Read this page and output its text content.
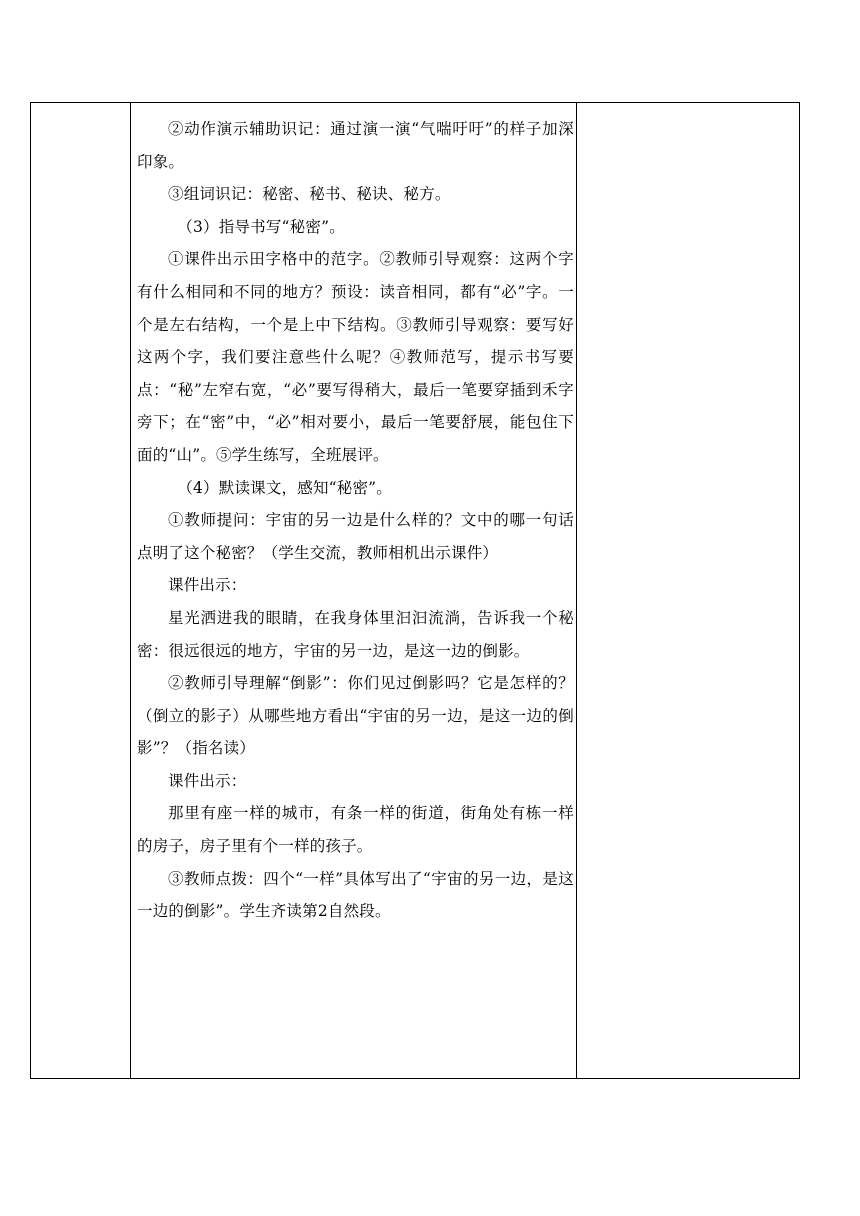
②动作演示辅助识记：通过演一演“气喘吁吁”的样子加深印象。

③组词识记：秘密、秘书、秘诀、秘方。

（3）指导书写“秘密”。

①课件出示田字格中的范字。②教师引导观察：这两个字有什么相同和不同的地方？预设：读音相同，都有“必”字。一个是左右结构，一个是上中下结构。③教师引导观察：要写好这两个字，我们要注意些什么呢？④教师范写，提示书写要点：“秘”左窄右宽，“必”要写得稍大，最后一笔要穿插到禾字旁下；在“密”中，“必”相对要小，最后一笔要舒展，能包住下面的“山”。⑤学生练写，全班展评。

（4）默读课文，感知“秘密”。

①教师提问：宇宙的另一边是什么样的？文中的哪一句话点明了这个秘密？（学生交流，教师相机出示课件）

课件出示：

星光洒进我的眼睛，在我身体里汩汩流淌，告诉我一个秘密：很远很远的地方，宇宙的另一边，是这一边的倒影。

②教师引导理解“倒影”：你们见过倒影吗？它是怎样的？（倒立的影子）从哪些地方看出“宇宙的另一边，是这一边的倒影”？（指名读）

课件出示：

那里有座一样的城市，有条一样的街道，街角处有栋一样的房子，房子里有个一样的孩子。

③教师点拨：四个“一样”具体写出了“宇宙的另一边，是这一边的倒影”。学生齐读第2自然段。
